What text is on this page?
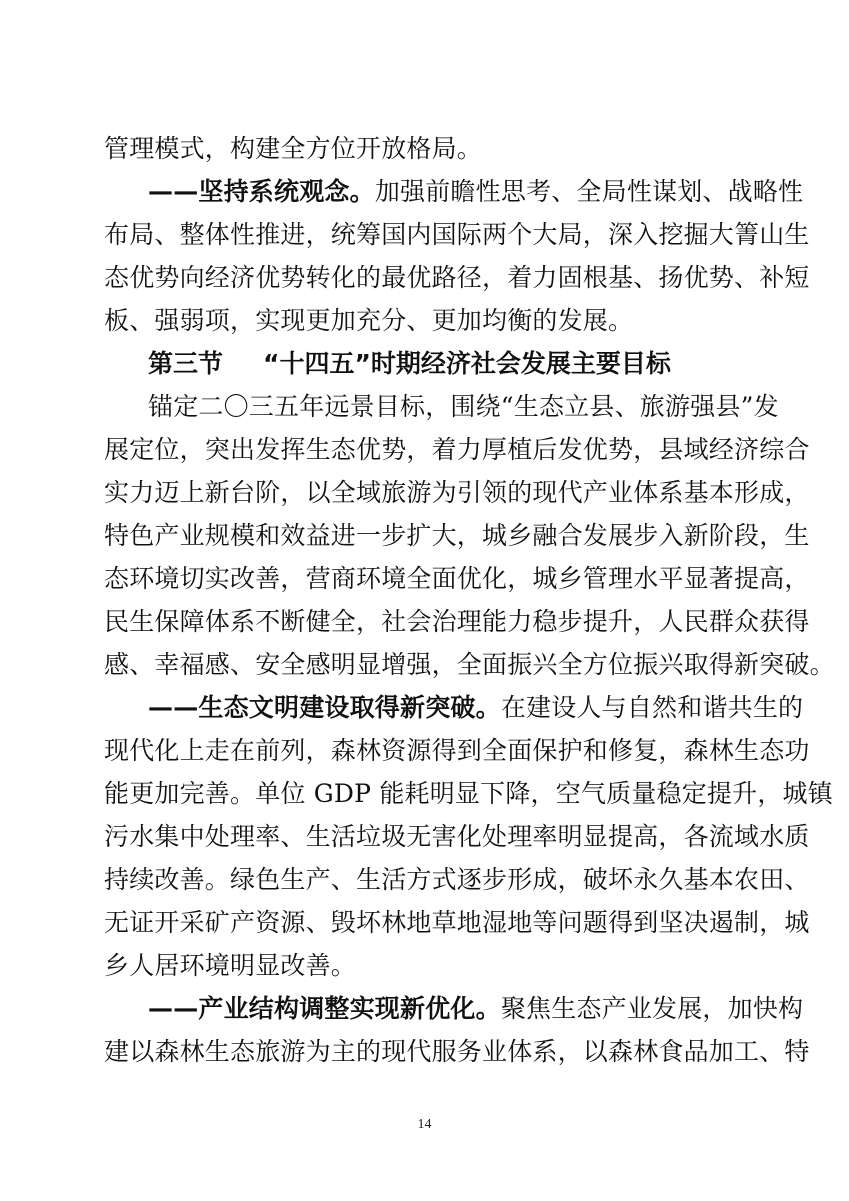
管理模式，构建全方位开放格局。
——坚持系统观念。加强前瞻性思考、全局性谋划、战略性
布局、整体性推进，统筹国内国际两个大局，深入挖掘大箐山生
态优势向经济优势转化的最优路径，着力固根基、扬优势、补短
板、强弱项，实现更加充分、更加均衡的发展。
第三节 “十四五”时期经济社会发展主要目标
锚定二〇三五年远景目标，围绕“生态立县、旅游强县”发
展定位，突出发挥生态优势，着力厚植后发优势，县域经济综合
实力迈上新台阶，以全域旅游为引领的现代产业体系基本形成，
特色产业规模和效益进一步扩大，城乡融合发展步入新阶段，生
态环境切实改善，营商环境全面优化，城乡管理水平显著提高，
民生保障体系不断健全，社会治理能力稳步提升，人民群众获得
感、幸福感、安全感明显增强，全面振兴全方位振兴取得新突破。
——生态文明建设取得新突破。在建设人与自然和谐共生的
现代化上走在前列，森林资源得到全面保护和修复，森林生态功
能更加完善。单位 GDP 能耗明显下降，空气质量稳定提升，城镇
污水集中处理率、生活垃圾无害化处理率明显提高，各流域水质
持续改善。绿色生产、生活方式逐步形成，破坏永久基本农田、
无证开采矿产资源、毁坏林地草地湿地等问题得到坚决遏制，城
乡人居环境明显改善。
——产业结构调整实现新优化。聚焦生态产业发展，加快构
建以森林生态旅游为主的现代服务业体系，以森林食品加工、特
14
